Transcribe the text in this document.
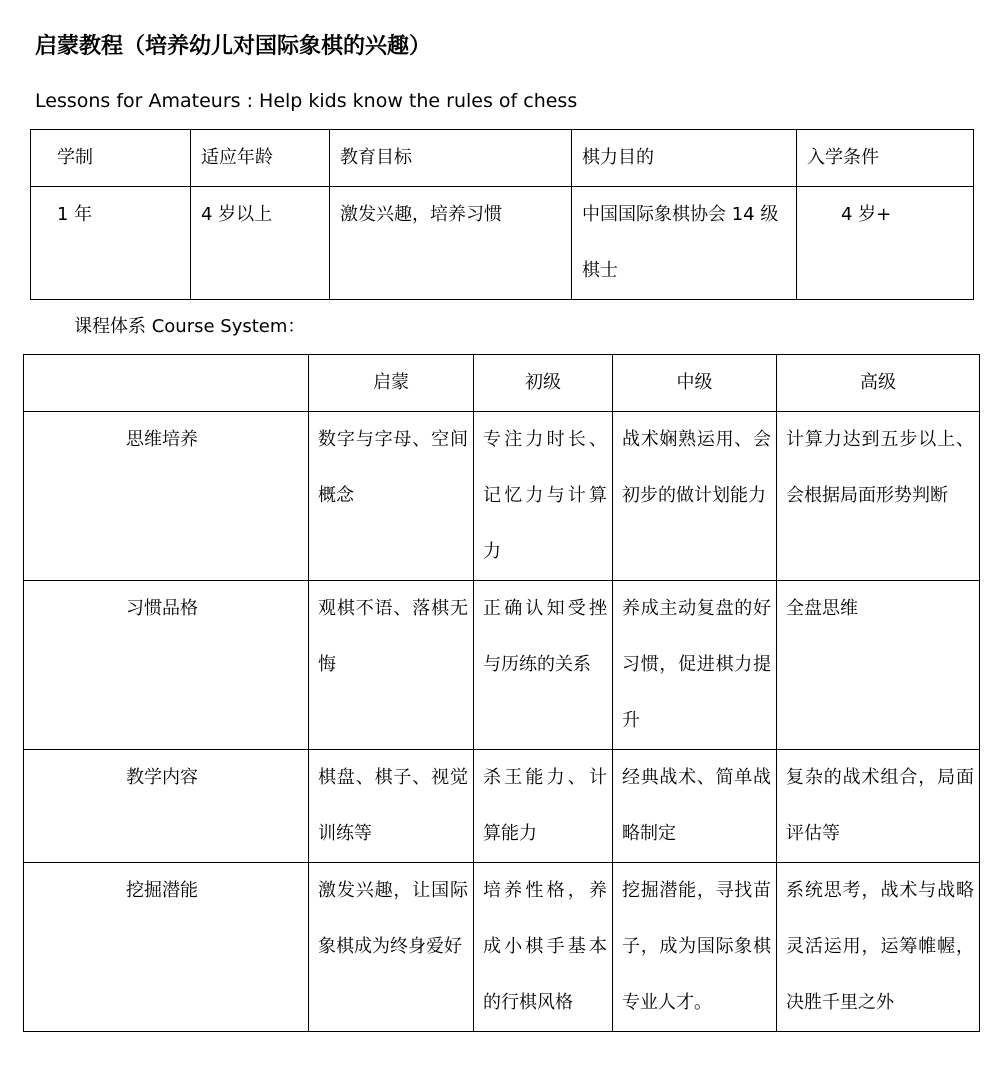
启蒙教程（培养幼儿对国际象棋的兴趣）
Lessons for Amateurs : Help kids know the rules of chess
学制	适应年龄	教育目标	棋力目的	入学条件
1 年	4 岁以上	激发兴趣，培养习惯	中国国际象棋协会 14 级棋士	4 岁+
课程体系 Course System：
	启蒙	初级	中级	高级
思维培养	数字与字母、空间概念	专注力时长、记忆力与计算力	战术娴熟运用、会初步的做计划能力	计算力达到五步以上、会根据局面形势判断
习惯品格	观棋不语、落棋无悔	正确认知受挫与历练的关系	养成主动复盘的好习惯，促进棋力提升	全盘思维
教学内容	棋盘、棋子、视觉训练等	杀王能力、计算能力	经典战术、简单战略制定	复杂的战术组合，局面评估等
挖掘潜能	激发兴趣，让国际象棋成为终身爱好	培养性格，养成小棋手基本的行棋风格	挖掘潜能，寻找苗子，成为国际象棋专业人才。	系统思考，战术与战略灵活运用，运筹帷幄，决胜千里之外
